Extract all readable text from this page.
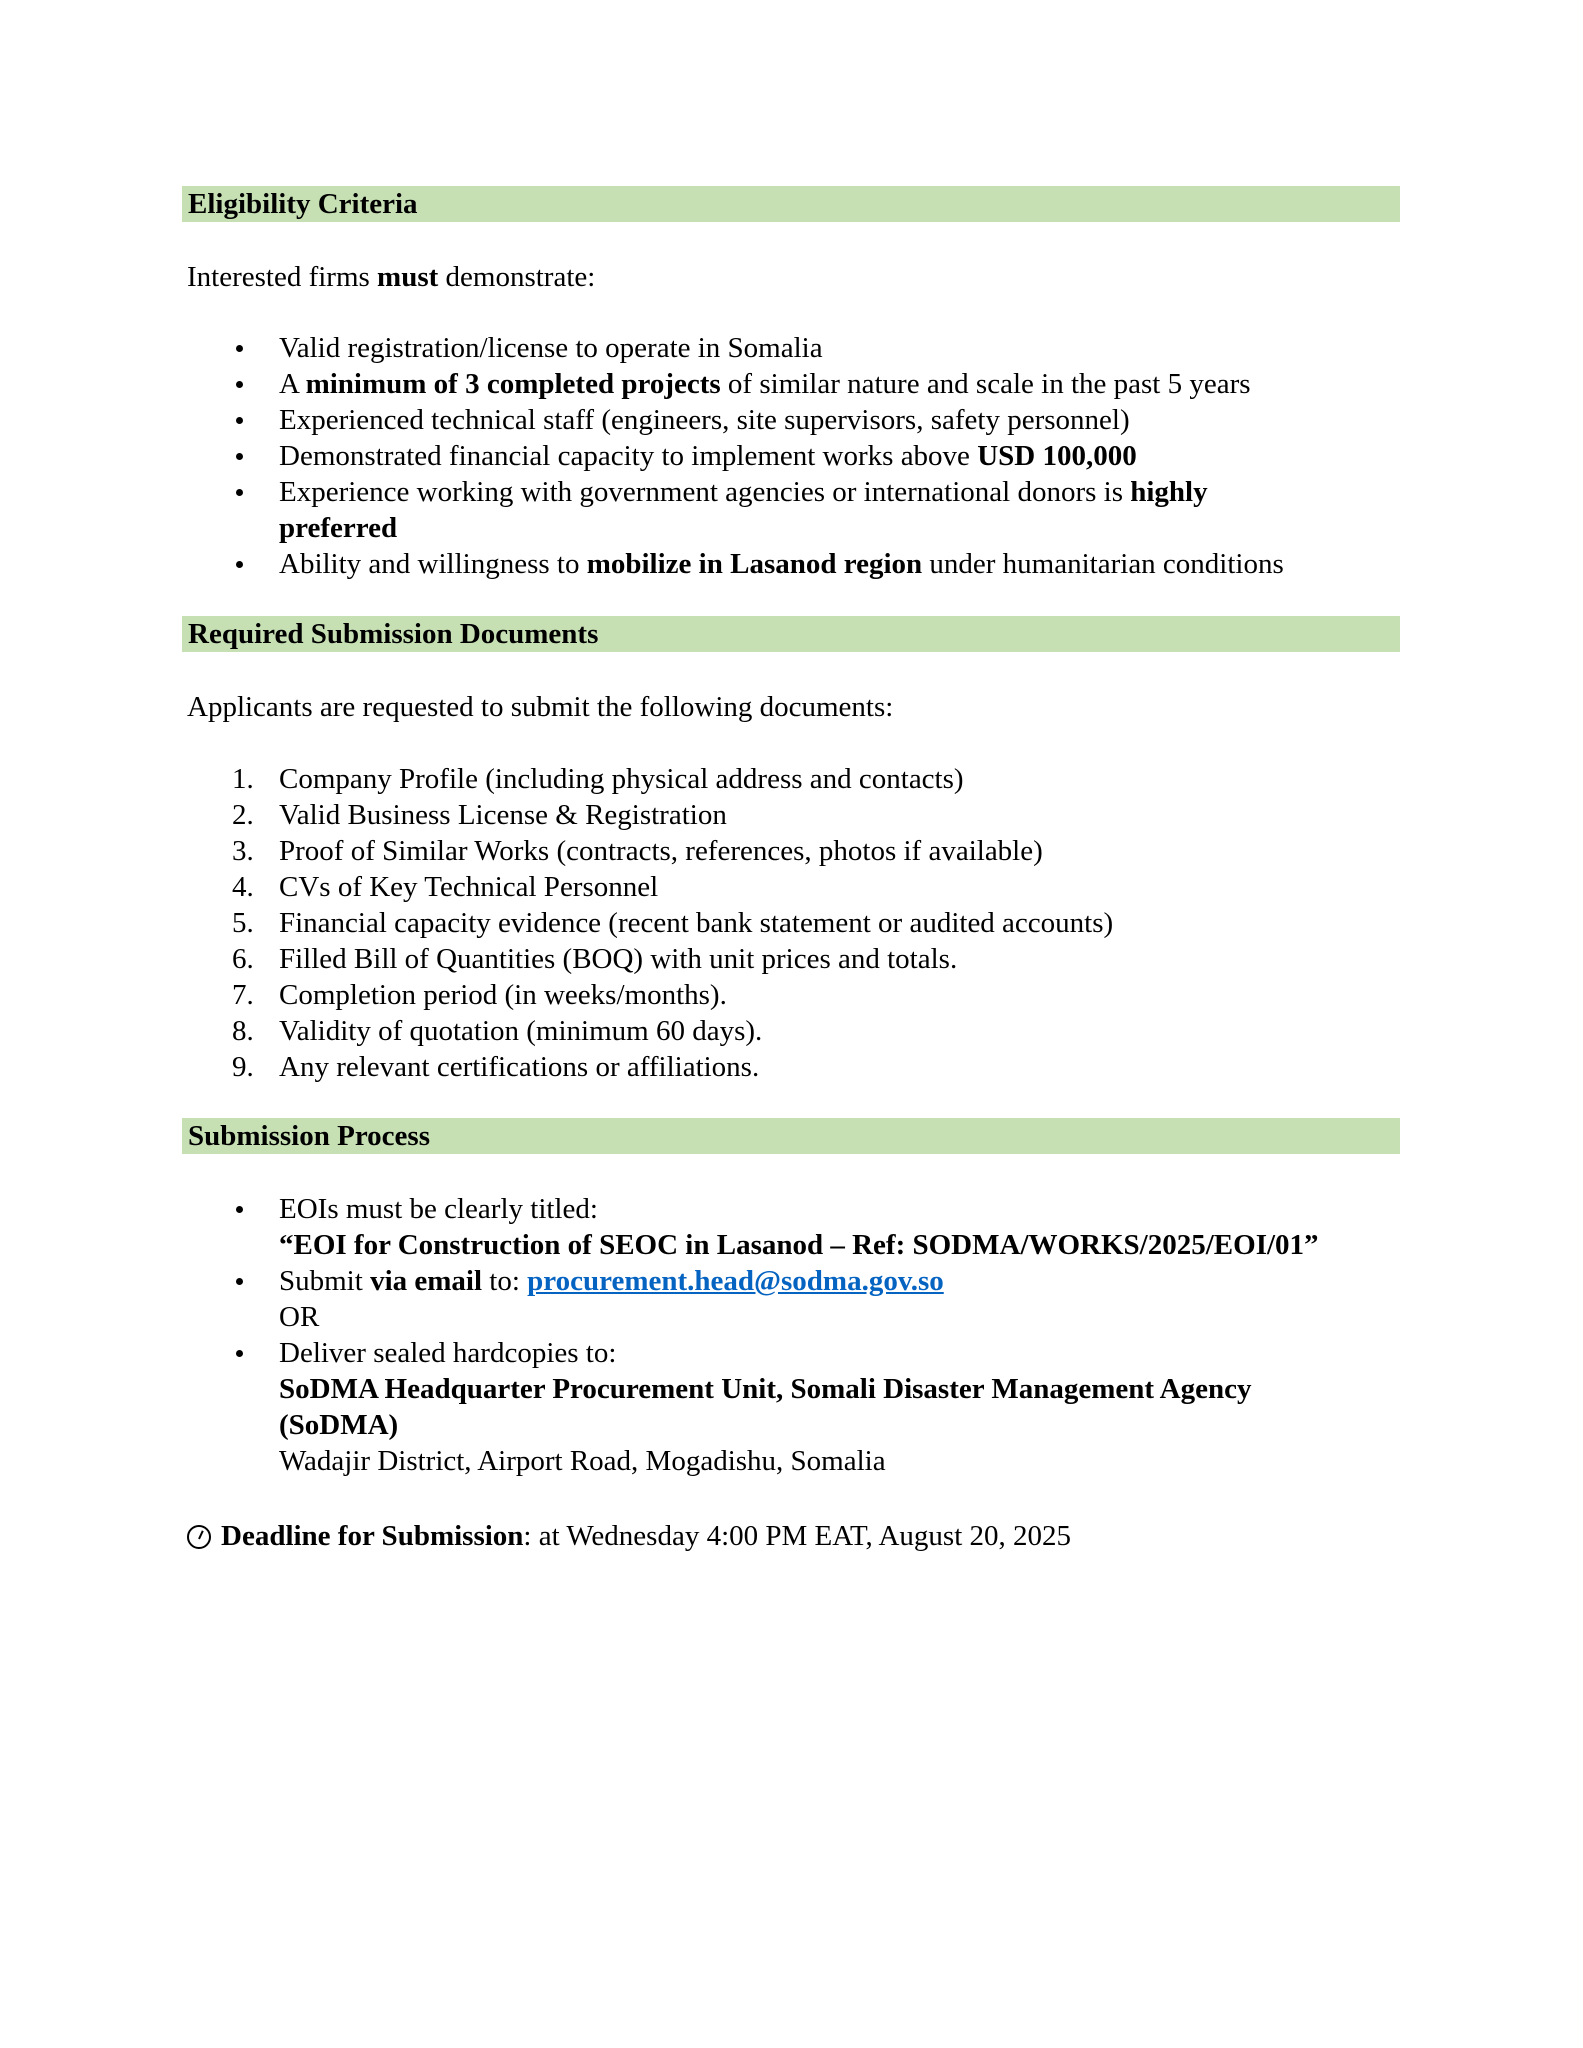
Eligibility Criteria
Interested firms must demonstrate:
Valid registration/license to operate in Somalia
A minimum of 3 completed projects of similar nature and scale in the past 5 years
Experienced technical staff (engineers, site supervisors, safety personnel)
Demonstrated financial capacity to implement works above USD 100,000
Experience working with government agencies or international donors is highly
preferred
Ability and willingness to mobilize in Lasanod region under humanitarian conditions
Required Submission Documents
Applicants are requested to submit the following documents:
1. Company Profile (including physical address and contacts)
2. Valid Business License & Registration
3. Proof of Similar Works (contracts, references, photos if available)
4. CVs of Key Technical Personnel
5. Financial capacity evidence (recent bank statement or audited accounts)
6. Filled Bill of Quantities (BOQ) with unit prices and totals.
7. Completion period (in weeks/months).
8. Validity of quotation (minimum 60 days).
9. Any relevant certifications or affiliations.
Submission Process
EOIs must be clearly titled:
“EOI for Construction of SEOC in Lasanod – Ref: SODMA/WORKS/2025/EOI/01”
Submit via email to: procurement.head@sodma.gov.so
OR
Deliver sealed hardcopies to:
SoDMA Headquarter Procurement Unit, Somali Disaster Management Agency
(SoDMA)
Wadajir District, Airport Road, Mogadishu, Somalia
Deadline for Submission: at Wednesday 4:00 PM EAT, August 20, 2025
